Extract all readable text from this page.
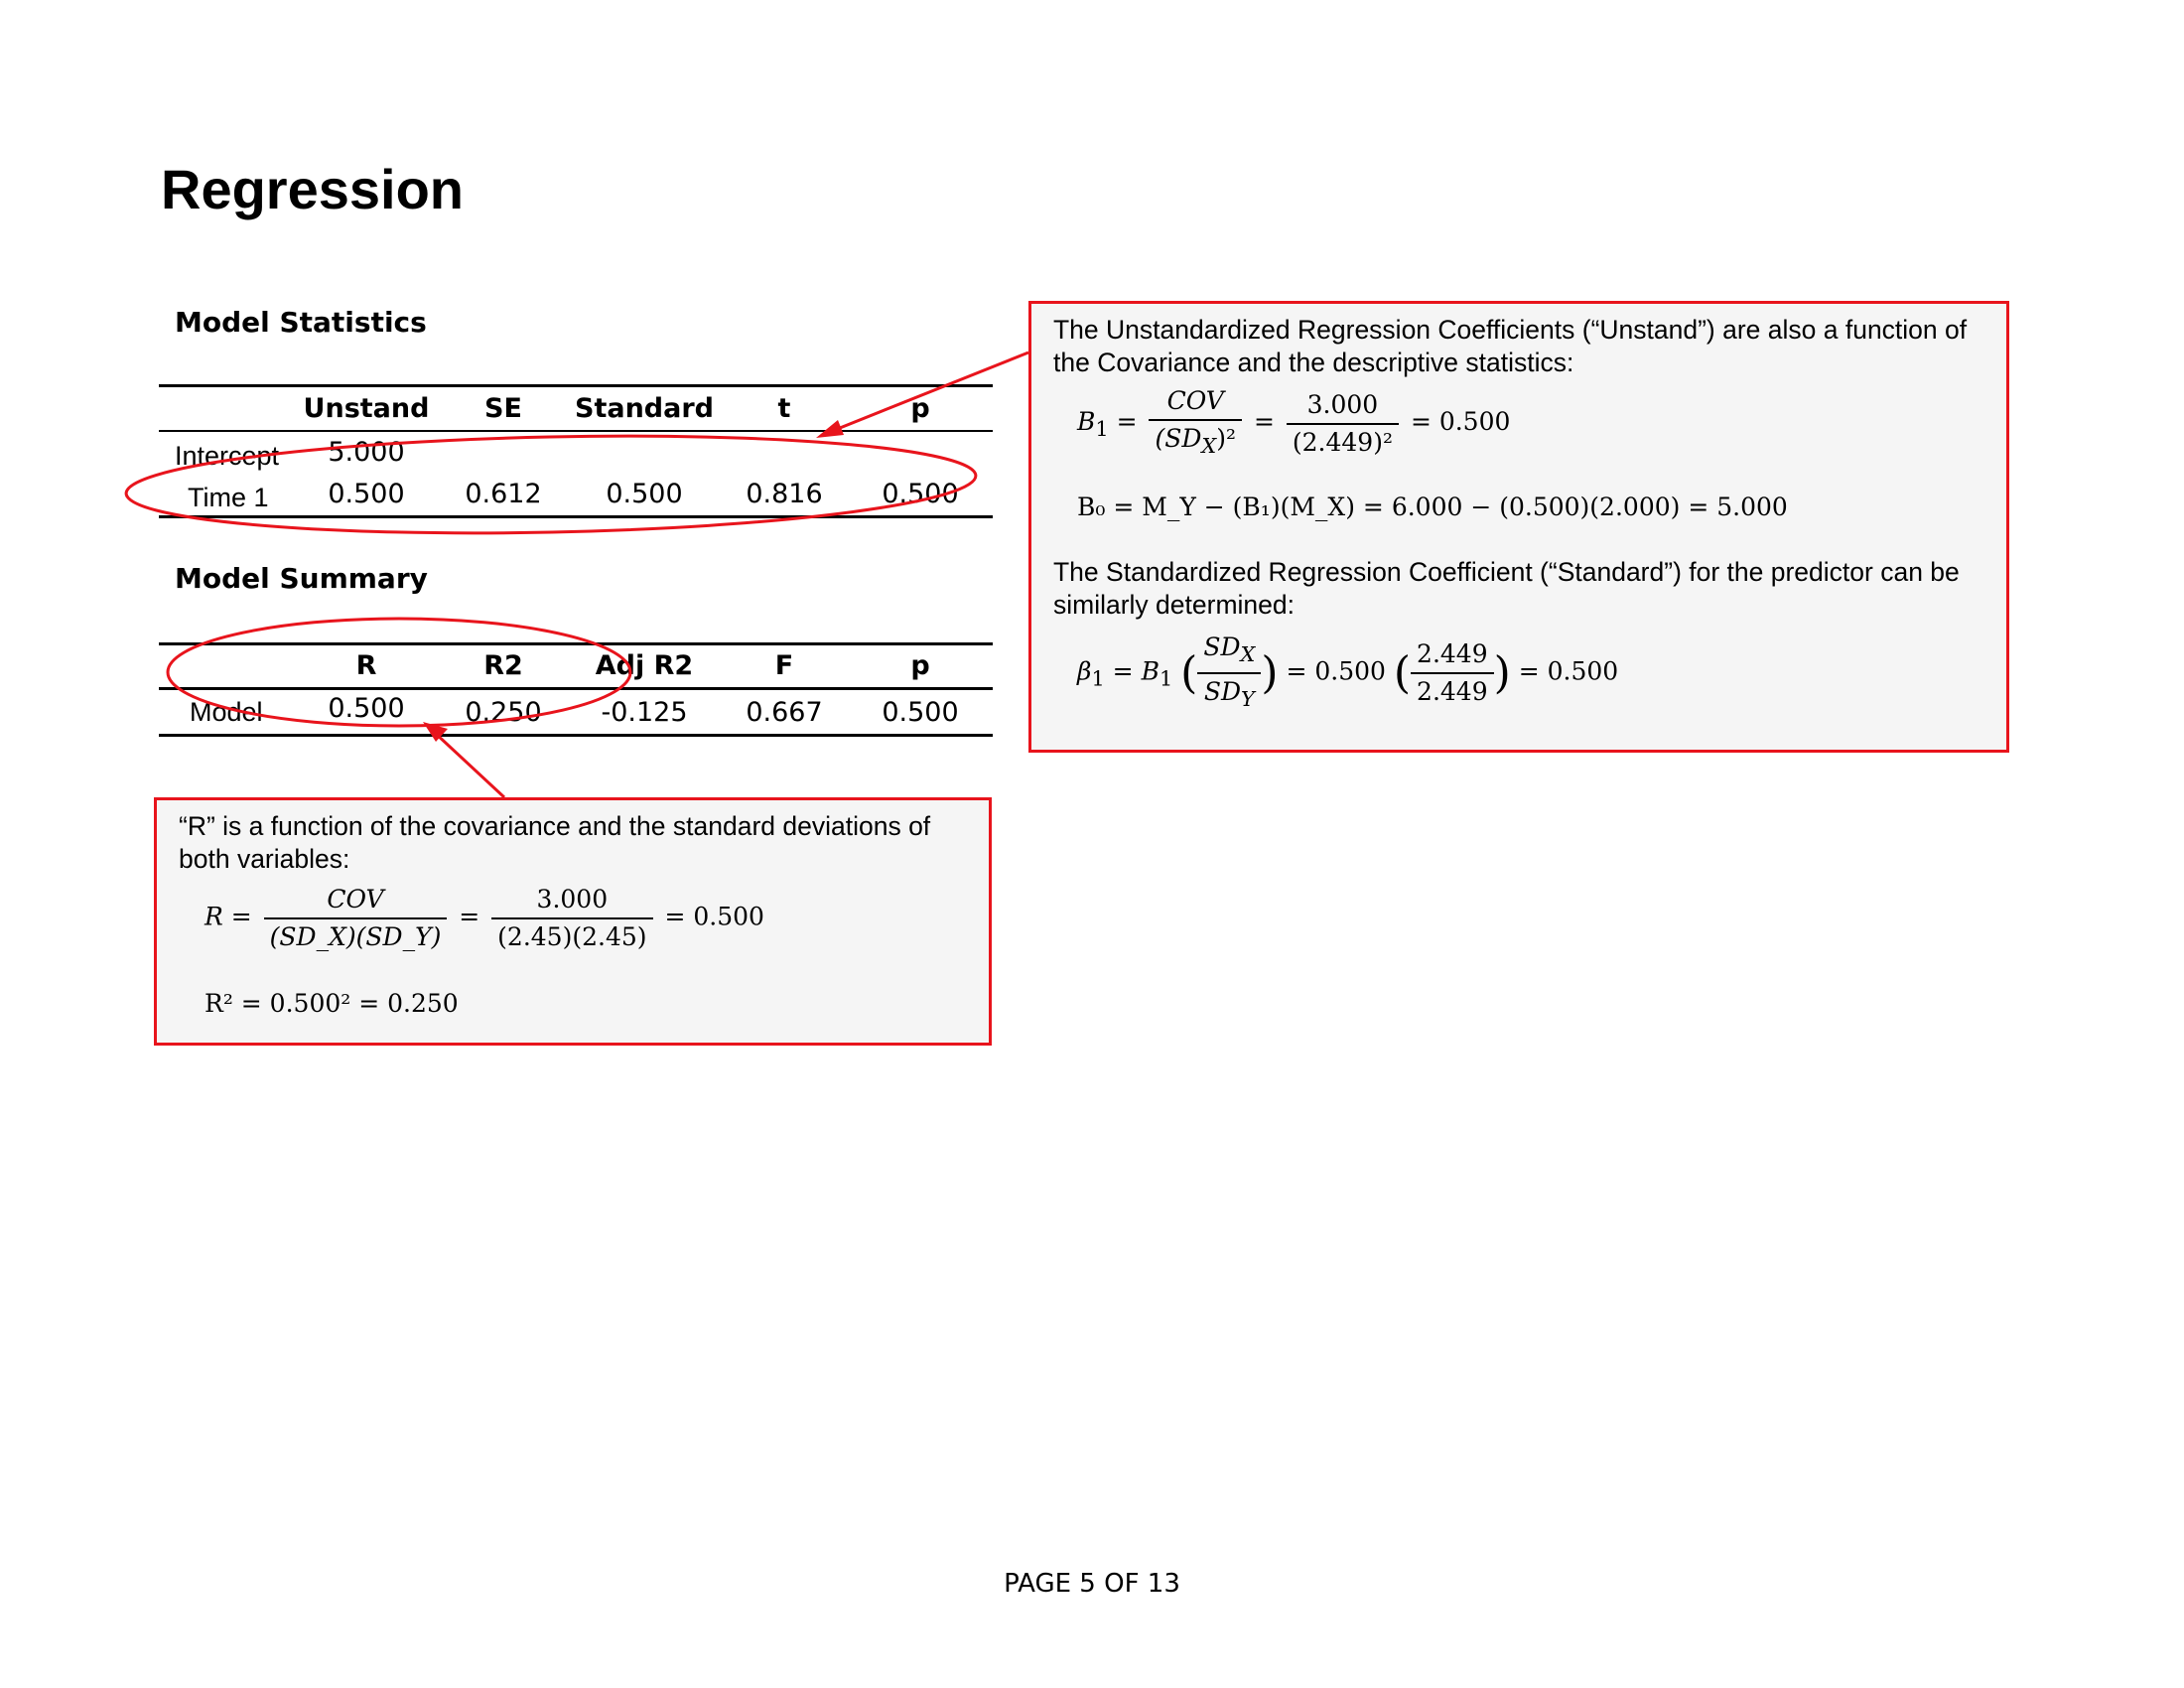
Regression
Model Statistics
Unstand	SE	Standard	t	p
Intercept	5.000
Time 1	0.500	0.612	0.500	0.816	0.500
Model Summary
R	R2	Adj R2	F	p
Model	0.500	0.250	-0.125	0.667	0.500
The Unstandardized Regression Coefficients (“Unstand”) are also a function of the Covariance and the descriptive statistics:
$B_1 = \frac{\text{COV}}{(SD_X)^2} = \frac{3.000}{\text{(2.449)²}} = 0.500$
B₀ = M_Y − (B₁)(M_X) = 6.000 − (0.500)(2.000) = 5.000
The Standardized Regression Coefficient (“Standard”) for the predictor can be similarly determined:
$\beta_1 = B_1$ ( $\frac{SD_X}{SD_Y}$ ) = 0.500 ( $\frac{2.449}{2.449}$ ) = 0.500
“R” is a function of the covariance and the standard deviations of both variables:
$R = \frac{\text{COV}}{(SD\_X)(SD\_Y)} = \frac{3.000}{(2.45)(2.45)} = 0.500$
R² = 0.500² = 0.250
PAGE 5 OF 13
